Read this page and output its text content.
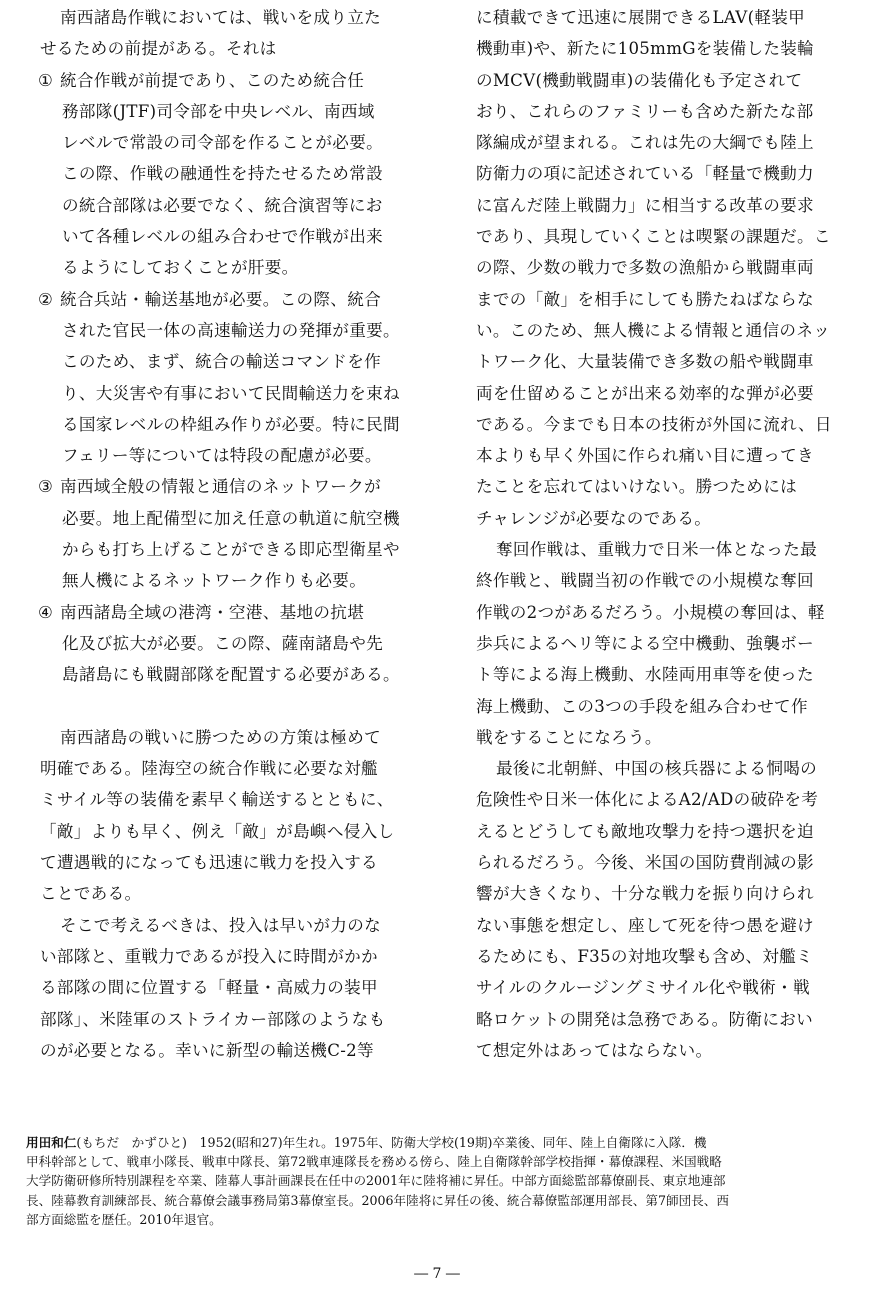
南西諸島作戦においては、戦いを成り立た
せるための前提がある。それは
① 統合作戦が前提であり、このため統合任
務部隊(JTF)司令部を中央レベル、南西域
レベルで常設の司令部を作ることが必要。
この際、作戦の融通性を持たせるため常設
の統合部隊は必要でなく、統合演習等にお
いて各種レベルの組み合わせで作戦が出来
るようにしておくことが肝要。
② 統合兵站・輸送基地が必要。この際、統合
された官民一体の高速輸送力の発揮が重要。
このため、まず、統合の輸送コマンドを作
り、大災害や有事において民間輸送力を束ね
る国家レベルの枠組み作りが必要。特に民間
フェリー等については特段の配慮が必要。
③ 南西域全般の情報と通信のネットワークが
必要。地上配備型に加え任意の軌道に航空機
からも打ち上げることができる即応型衛星や
無人機によるネットワーク作りも必要。
④ 南西諸島全域の港湾・空港、基地の抗堪
化及び拡大が必要。この際、薩南諸島や先
島諸島にも戦闘部隊を配置する必要がある。
南西諸島の戦いに勝つための方策は極めて
明確である。陸海空の統合作戦に必要な対艦
ミサイル等の装備を素早く輸送するとともに、
「敵」よりも早く、例え「敵」が島嶼へ侵入し
て遭遇戦的になっても迅速に戦力を投入する
ことである。
そこで考えるべきは、投入は早いが力のな
い部隊と、重戦力であるが投入に時間がかか
る部隊の間に位置する「軽量・高威力の装甲
部隊」、米陸軍のストライカー部隊のようなも
のが必要となる。幸いに新型の輸送機C-2等
に積載できて迅速に展開できるLAV(軽装甲
機動車)や、新たに105mmGを装備した装輪
のMCV(機動戦闘車)の装備化も予定されて
おり、これらのファミリーも含めた新たな部
隊編成が望まれる。これは先の大綱でも陸上
防衛力の項に記述されている「軽量で機動力
に富んだ陸上戦闘力」に相当する改革の要求
であり、具現していくことは喫緊の課題だ。こ
の際、少数の戦力で多数の漁船から戦闘車両
までの「敵」を相手にしても勝たねばならな
い。このため、無人機による情報と通信のネッ
トワーク化、大量装備でき多数の船や戦闘車
両を仕留めることが出来る効率的な弾が必要
である。今までも日本の技術が外国に流れ、日
本よりも早く外国に作られ痛い目に遭ってき
たことを忘れてはいけない。勝つためには
チャレンジが必要なのである。
奪回作戦は、重戦力で日米一体となった最
終作戦と、戦闘当初の作戦での小規模な奪回
作戦の2つがあるだろう。小規模の奪回は、軽
歩兵によるヘリ等による空中機動、強襲ボー
ト等による海上機動、水陸両用車等を使った
海上機動、この3つの手段を組み合わせて作
戦をすることになろう。
最後に北朝鮮、中国の核兵器による恫喝の
危険性や日米一体化によるA2/ADの破砕を考
えるとどうしても敵地攻撃力を持つ選択を迫
られるだろう。今後、米国の国防費削減の影
響が大きくなり、十分な戦力を振り向けられ
ない事態を想定し、座して死を待つ愚を避け
るためにも、F35の対地攻撃も含め、対艦ミ
サイルのクルージングミサイル化や戦術・戦
略ロケットの開発は急務である。防衛におい
て想定外はあってはならない。
用田和仁(もちだ　かずひと)　1952(昭和27)年生れ。1975年、防衛大学校(19期)卒業後、同年、陸上自衛隊に入隊．機
甲科幹部として、戦車小隊長、戦車中隊長、第72戦車連隊長を務める傍ら、陸上自衛隊幹部学校指揮・幕僚課程、米国戦略
大学防衛研修所特別課程を卒業、陸幕人事計画課長在任中の2001年に陸将補に昇任。中部方面総監部幕僚副長、東京地連部
長、陸幕教育訓練部長、統合幕僚会議事務局第3幕僚室長。2006年陸将に昇任の後、統合幕僚監部運用部長、第7師団長、西
部方面総監を歴任。2010年退官。
― 7 ―
